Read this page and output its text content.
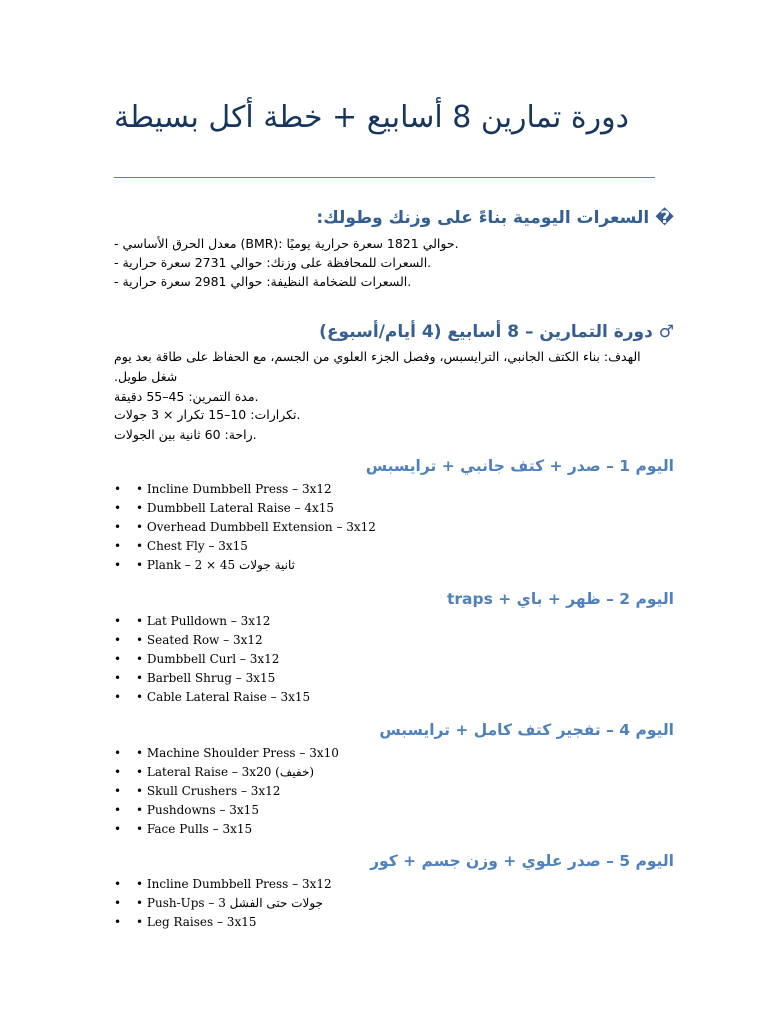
دورة تمارين 8 أسابيع + خطة أكل بسيطة
� السعرات اليومية بناءً على وزنك وطولك:
- معدل الحرق الأساسي (BMR): حوالي 1821 سعرة حرارية يوميًا.
- السعرات للمحافظة على وزنك: حوالي 2731 سعرة حرارية.
- السعرات للضخامة النظيفة: حوالي 2981 سعرة حرارية.
♂ دورة التمارين – 8 أسابيع (4 أيام/أسبوع)
الهدف: بناء الكتف الجانبي، الترايسبس، وفصل الجزء العلوي من الجسم، مع الحفاظ على طاقة بعد يوم شغل طويل.
مدة التمرين: 45–55 دقيقة.
تكرارات: 10–15 تكرار × 3 جولات.
راحة: 60 ثانية بين الجولات.
اليوم 1 – صدر + كتف جانبي + ترايسبس
• • Incline Dumbbell Press – 3x12
• • Dumbbell Lateral Raise – 4x15
• • Overhead Dumbbell Extension – 3x12
• • Chest Fly – 3x15
• • Plank – 2 × 45 ثانية جولات
اليوم 2 – ظهر + باي + traps
• • Lat Pulldown – 3x12
• • Seated Row – 3x12
• • Dumbbell Curl – 3x12
• • Barbell Shrug – 3x15
• • Cable Lateral Raise – 3x15
اليوم 4 – تفجير كتف كامل + ترايسبس
• • Machine Shoulder Press – 3x10
• • Lateral Raise – 3x20 (خفيف)
• • Skull Crushers – 3x12
• • Pushdowns – 3x15
• • Face Pulls – 3x15
اليوم 5 – صدر علوي + وزن جسم + كور
• • Incline Dumbbell Press – 3x12
• • Push-Ups – 3 جولات حتى الفشل
• • Leg Raises – 3x15
